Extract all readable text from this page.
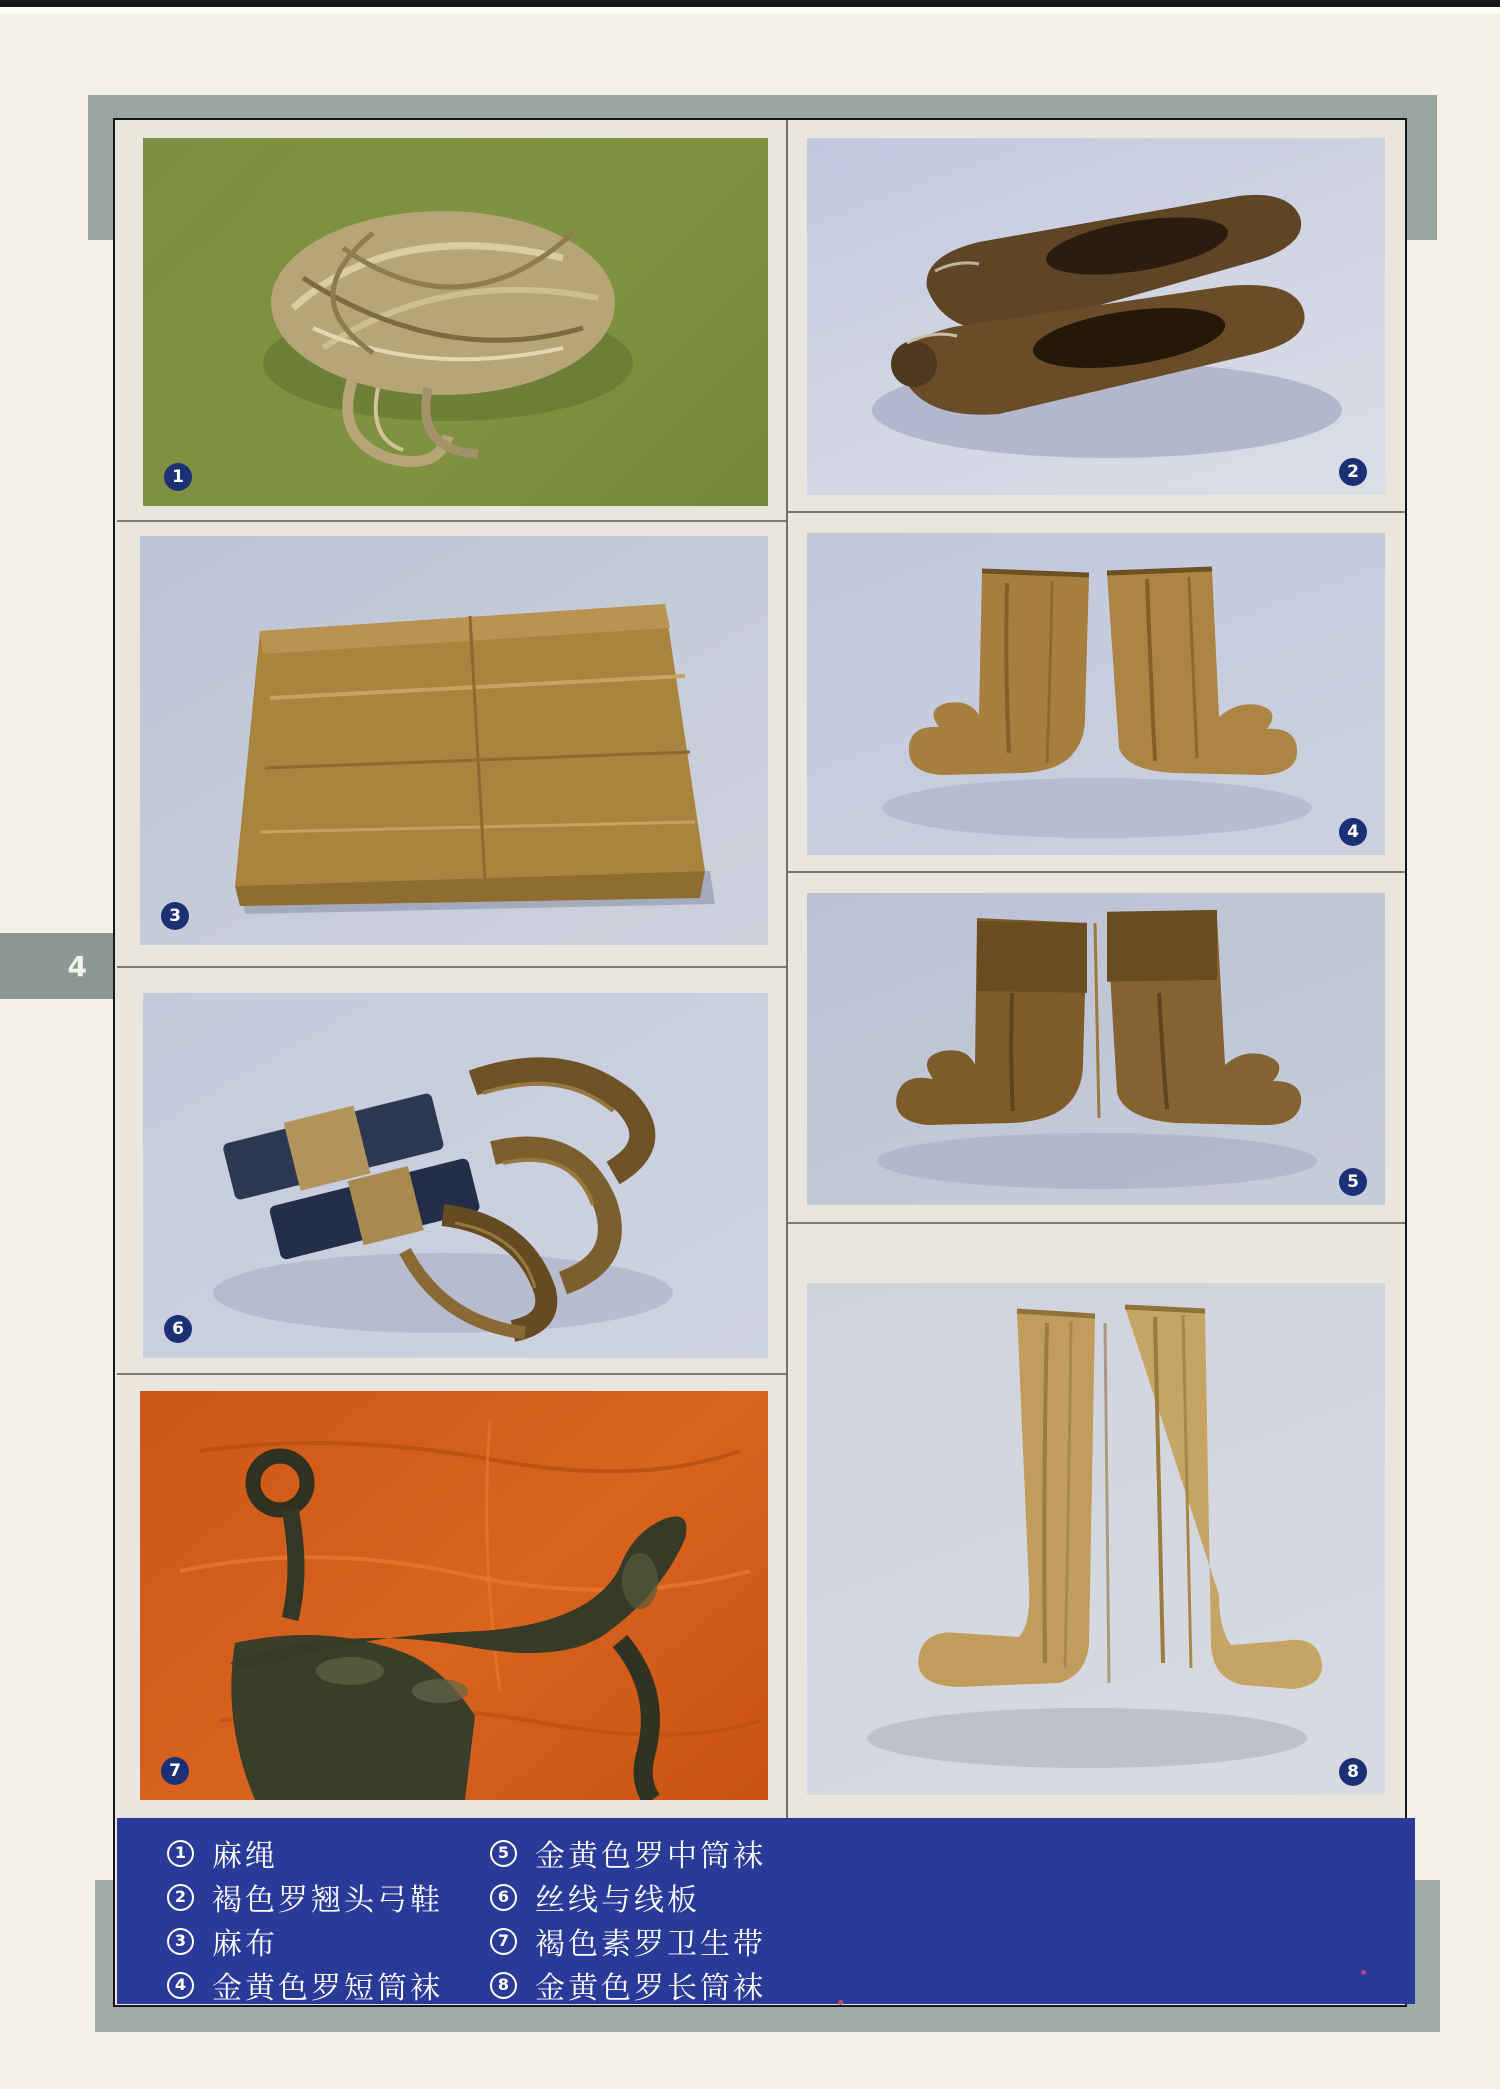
4
1	2
3
4
5
6
7	8
1 麻绳
2 褐色罗翘头弓鞋
3 麻布
4 金黄色罗短筒袜
5 金黄色罗中筒袜
6 丝线与线板
7 褐色素罗卫生带
8 金黄色罗长筒袜
